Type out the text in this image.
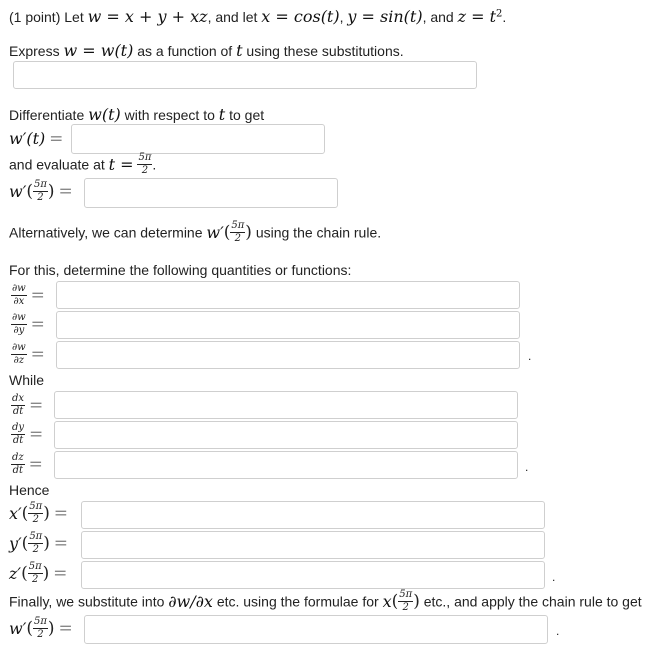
(1 point) Let w = x + y + xz, and let x = cos(t), y = sin(t), and $z = t^2$.
Express w = w(t) as a function of t using these substitutions.
Differentiate w(t) with respect to t to get
w′(t) =
and evaluate at $t = \frac{5\pi}{2}$ .
$w'( \frac{5\pi}{2}$ ) =
Alternatively, we can determine $w'( \frac{5\pi}{2}$ ) using the chain rule.
For this, determine the following quantities or functions:
$\frac{\partial w}{\partial x}$ =
$\frac{\partial w}{\partial y}$ =
$\frac{\partial w}{\partial z}$ =	.
While
$\frac{dx}{dt}$ =
$\frac{dy}{dt}$ =
$\frac{dz}{dt}$ =	.
Hence
$x'( \frac{5\pi}{2}$ ) =
$y'( \frac{5\pi}{2}$ ) =
$z'( \frac{5\pi}{2}$ ) =	.
Finally, we substitute into ∂w/∂x etc. using the formulae for $x( \frac{5\pi}{2}$ ) etc., and apply the chain rule to get
$w'( \frac{5\pi}{2}$ ) =	.
